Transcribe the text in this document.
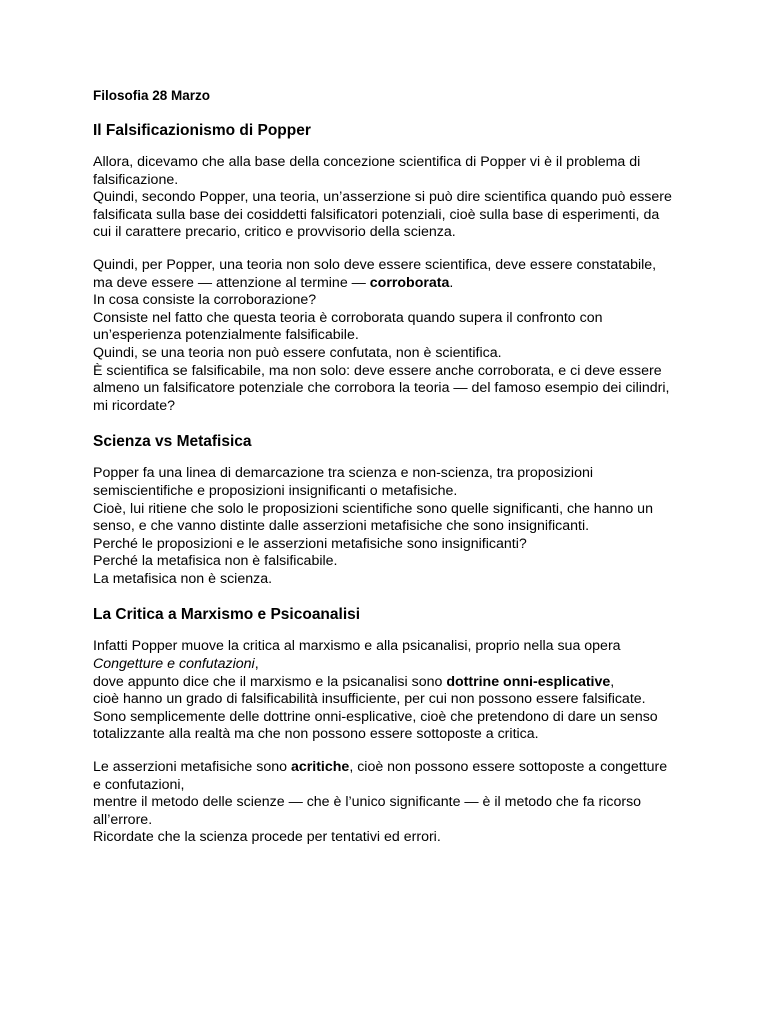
Filosofia 28 Marzo
Il Falsificazionismo di Popper

Allora, dicevamo che alla base della concezione scientifica di Popper vi è il problema di
falsificazione.
Quindi, secondo Popper, una teoria, un’asserzione si può dire scientifica quando può essere
falsificata sulla base dei cosiddetti falsificatori potenziali, cioè sulla base di esperimenti, da
cui il carattere precario, critico e provvisorio della scienza.

Quindi, per Popper, una teoria non solo deve essere scientifica, deve essere constatabile,
ma deve essere — attenzione al termine — corroborata.
In cosa consiste la corroborazione?
Consiste nel fatto che questa teoria è corroborata quando supera il confronto con
un’esperienza potenzialmente falsificabile.
Quindi, se una teoria non può essere confutata, non è scientifica.
È scientifica se falsificabile, ma non solo: deve essere anche corroborata, e ci deve essere
almeno un falsificatore potenziale che corrobora la teoria — del famoso esempio dei cilindri,
mi ricordate?

Scienza vs Metafisica

Popper fa una linea di demarcazione tra scienza e non-scienza, tra proposizioni
semiscientifiche e proposizioni insignificanti o metafisiche.
Cioè, lui ritiene che solo le proposizioni scientifiche sono quelle significanti, che hanno un
senso, e che vanno distinte dalle asserzioni metafisiche che sono insignificanti.
Perché le proposizioni e le asserzioni metafisiche sono insignificanti?
Perché la metafisica non è falsificabile.
La metafisica non è scienza.

La Critica a Marxismo e Psicoanalisi

Infatti Popper muove la critica al marxismo e alla psicanalisi, proprio nella sua opera
Congetture e confutazioni,
dove appunto dice che il marxismo e la psicanalisi sono dottrine onni-esplicative,
cioè hanno un grado di falsificabilità insufficiente, per cui non possono essere falsificate.
Sono semplicemente delle dottrine onni-esplicative, cioè che pretendono di dare un senso
totalizzante alla realtà ma che non possono essere sottoposte a critica.

Le asserzioni metafisiche sono acritiche, cioè non possono essere sottoposte a congetture
e confutazioni,
mentre il metodo delle scienze — che è l’unico significante — è il metodo che fa ricorso
all’errore.
Ricordate che la scienza procede per tentativi ed errori.
